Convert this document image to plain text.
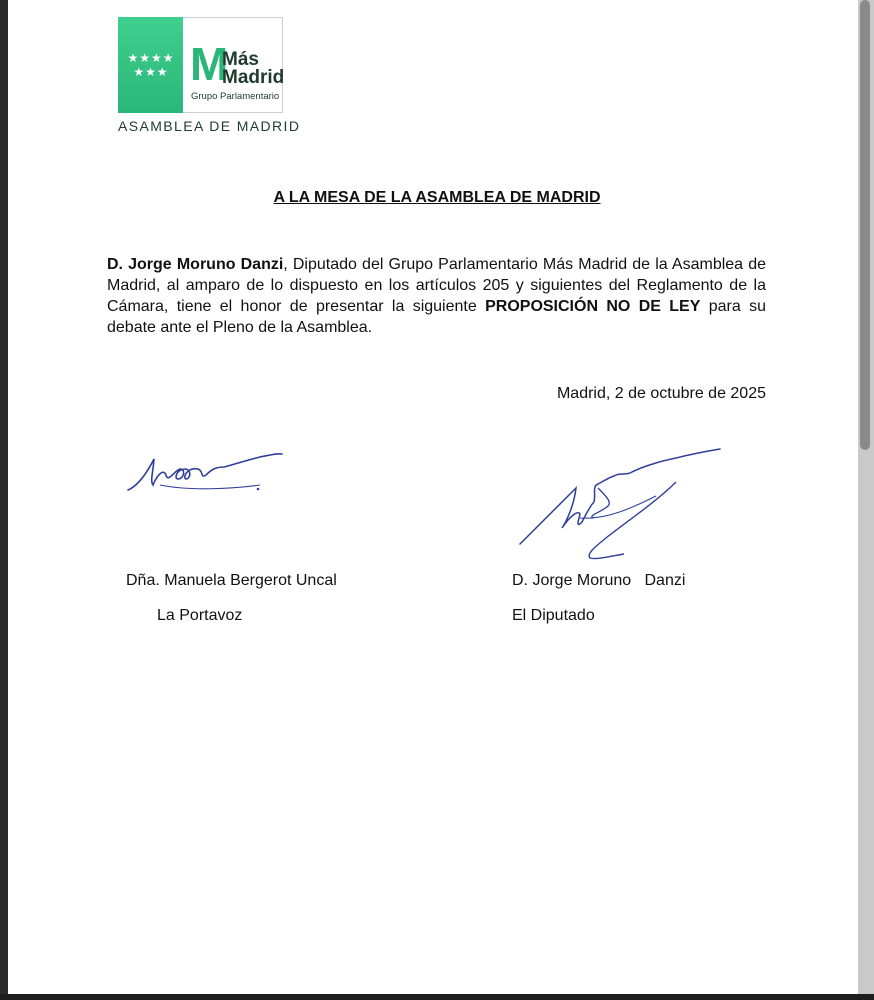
★★★★ ★★★ M
Más
Madrid
Grupo Parlamentario
ASAMBLEA DE MADRID
A LA MESA DE LA ASAMBLEA DE MADRID
D. Jorge Moruno Danzi, Diputado del Grupo Parlamentario Más Madrid de la Asamblea de Madrid, al amparo de lo dispuesto en los artículos 205 y siguientes del Reglamento de la Cámara, tiene el honor de presentar la siguiente PROPOSICIÓN NO DE LEY para su debate ante el Pleno de la Asamblea.
Madrid, 2 de octubre de 2025
Dña. Manuela Bergerot Uncal
La Portavoz
D. Jorge Moruno   Danzi
El Diputado
